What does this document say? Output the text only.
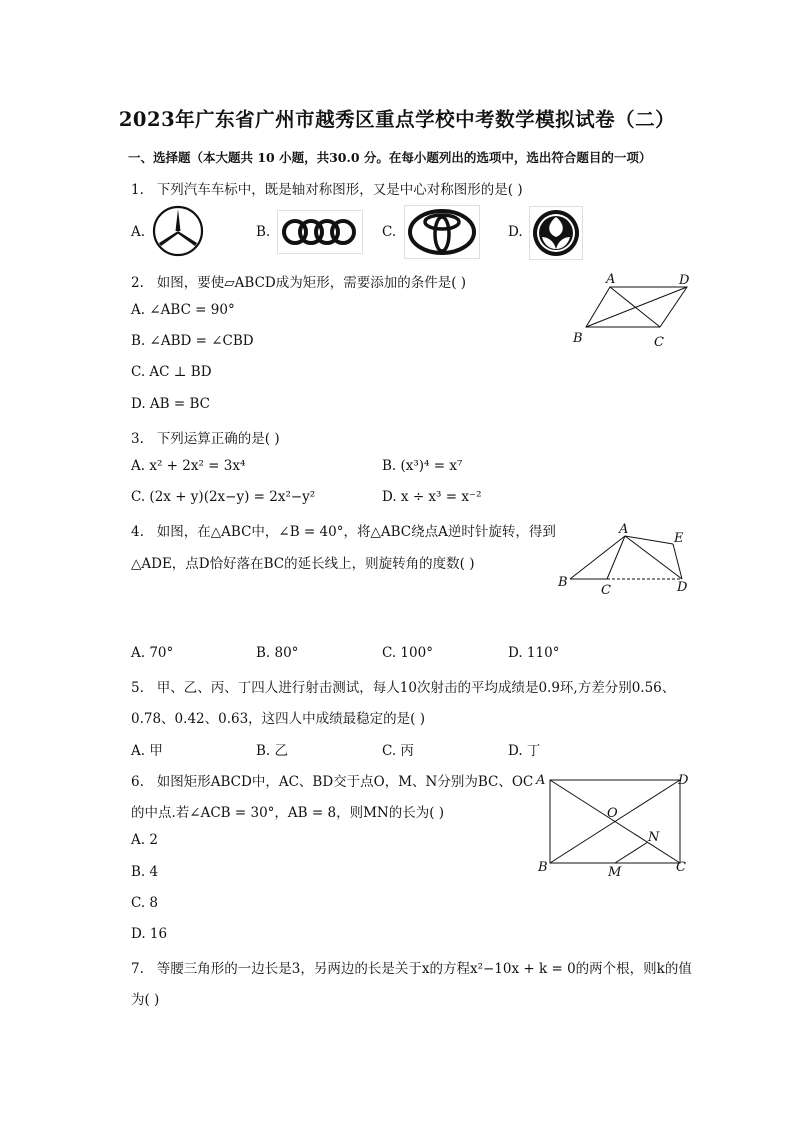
2023年广东省广州市越秀区重点学校中考数学模拟试卷（二）
一、选择题（本大题共 10 小题，共30.0 分。在每小题列出的选项中，选出符合题目的一项）
1. 下列汽车车标中，既是轴对称图形，又是中心对称图形的是( )
A.	B.	C.	D.
2. 如图，要使▱ABCD成为矩形，需要添加的条件是( )
A. ∠ABC = 90°
B. ∠ABD = ∠CBD
C. AC ⊥ BD
D. AB = BC
A	D
B	C
3. 下列运算正确的是( )
A. x² + 2x² = 3x⁴	B. (x³)⁴ = x⁷
C. (2x + y)(2x−y) = 2x²−y²	D. x ÷ x³ = x⁻²
4. 如图，在△ABC中，∠B = 40°，将△ABC绕点A逆时针旋转，得到
△ADE，点D恰好落在BC的延长线上，则旋转角的度数( )
A
E
B
C	D
A. 70°	B. 80°	C. 100°	D. 110°
5. 甲、乙、丙、丁四人进行射击测试，每人10次射击的平均成绩是0.9环,方差分别0.56、
0.78、0.42、0.63，这四人中成绩最稳定的是( )
A. 甲	B. 乙	C. 丙	D. 丁
6. 如图矩形ABCD中，AC、BD交于点O，M、N分别为BC、OC
的中点.若∠ACB = 30°，AB = 8，则MN的长为( )
A. 2
B. 4
C. 8
D. 16
A	D
O
N
B	M	C
7. 等腰三角形的一边长是3，另两边的长是关于x的方程x²−10x + k = 0的两个根，则k的值
为( )
